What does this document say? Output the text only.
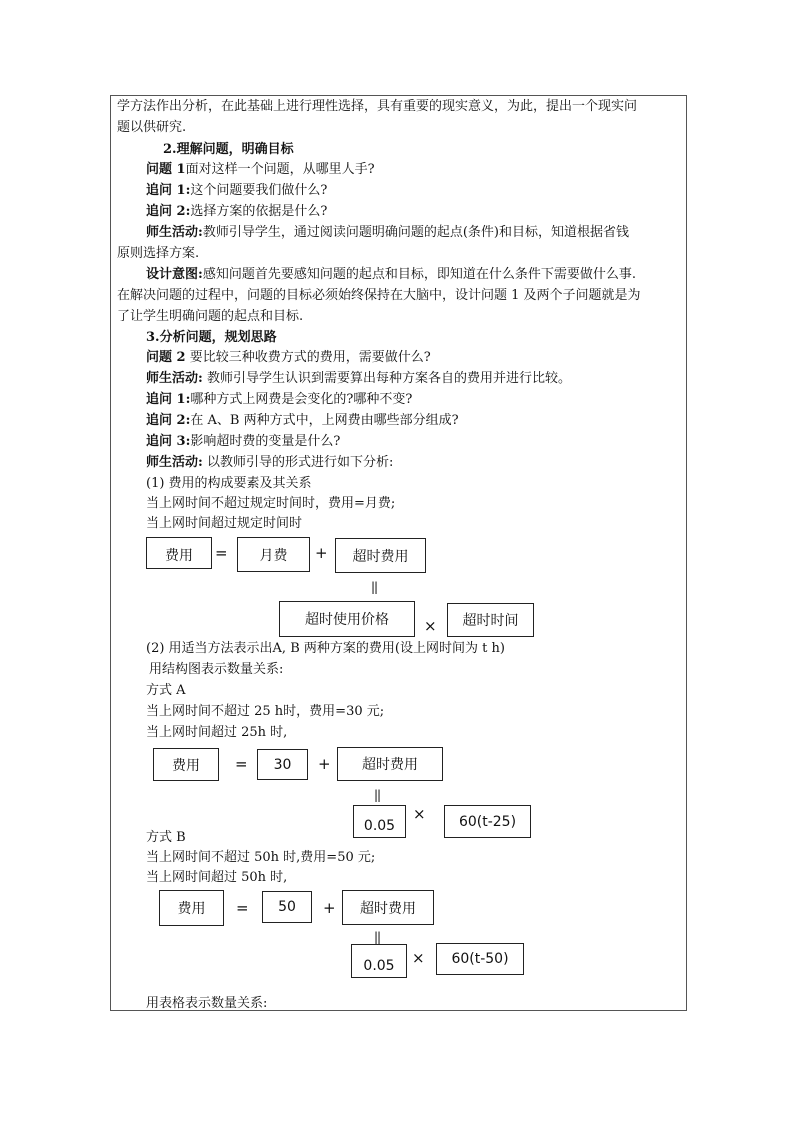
学方法作出分析，在此基础上进行理性选择，具有重要的现实意义，为此，提出一个现实问
题以供研究.
2.理解问题，明确目标
问题 1面对这样一个问题，从哪里人手?
追问 1:这个问题要我们做什么?
追问 2:选择方案的依据是什么?
师生活动:教师引导学生，通过阅读问题明确问题的起点(条件)和目标，知道根据省钱
原则选择方案.
设计意图:感知问题首先要感知问题的起点和目标，即知道在什么条件下需要做什么事.
在解决问题的过程中，问题的目标必须始终保持在大脑中，设计问题 1 及两个子问题就是为
了让学生明确问题的起点和目标.
3.分析问题，规划思路
问题 2 要比较三种收费方式的费用，需要做什么?
师生活动: 教师引导学生认识到需要算出每种方案各自的费用并进行比较。
追问 1:哪种方式上网费是会变化的?哪种不变?
追问 2:在 A、B 两种方式中，上网费由哪些部分组成?
追问 3:影响超时费的变量是什么?
师生活动: 以教师引导的形式进行如下分析:
(1) 费用的构成要素及其关系
当上网时间不超过规定时间时，费用=月费;
当上网时间超过规定时间时
费用	=	月费	+	超时费用
||
超时使用价格	×	超时时间
(2) 用适当方法表示出A, B 两种方案的费用(设上网时间为 t h)
用结构图表示数量关系:
方式 A
当上网时间不超过 25 h时，费用=30 元;
当上网时间超过 25h 时,
费用	=	30	+	超时费用
||
0.05
×	60(t-25)
方式 B
当上网时间不超过 50h 时,费用=50 元;
当上网时间超过 50h 时,
费用	=	50	+	超时费用
||
0.05	×	60(t-50)
用表格表示数量关系:
